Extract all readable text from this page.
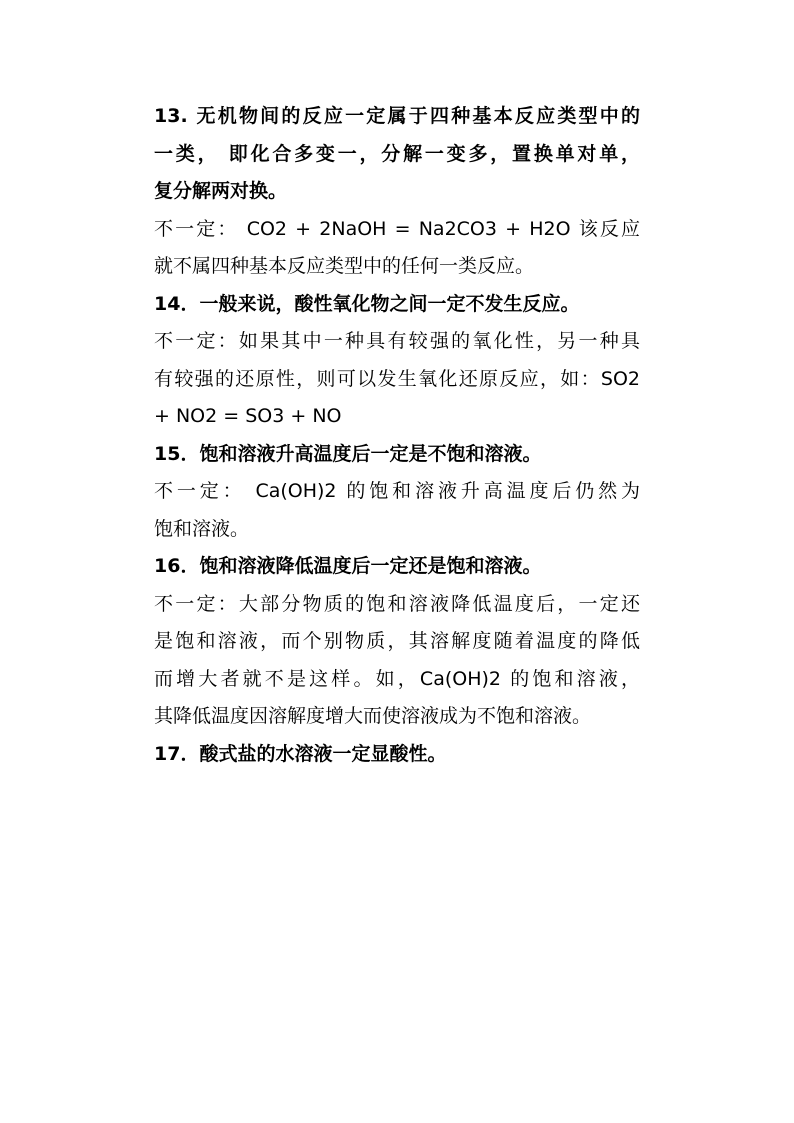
13. 无机物间的反应一定属于四种基本反应类型中的
一类， 即化合多变一，分解一变多，置换单对单，
复分解两对换。
不一定： CO2 + 2NaOH = Na2CO3 + H2O 该反应
就不属四种基本反应类型中的任何一类反应。
14．一般来说，酸性氧化物之间一定不发生反应。
不一定：如果其中一种具有较强的氧化性，另一种具
有较强的还原性，则可以发生氧化还原反应，如：SO2
+ NO2 = SO3 + NO
15．饱和溶液升高温度后一定是不饱和溶液。
不一定： Ca(OH)2 的饱和溶液升高温度后仍然为
饱和溶液。
16．饱和溶液降低温度后一定还是饱和溶液。
不一定：大部分物质的饱和溶液降低温度后，一定还
是饱和溶液，而个别物质，其溶解度随着温度的降低
而增大者就不是这样。如，Ca(OH)2 的饱和溶液，
其降低温度因溶解度增大而使溶液成为不饱和溶液。
17．酸式盐的水溶液一定显酸性。
